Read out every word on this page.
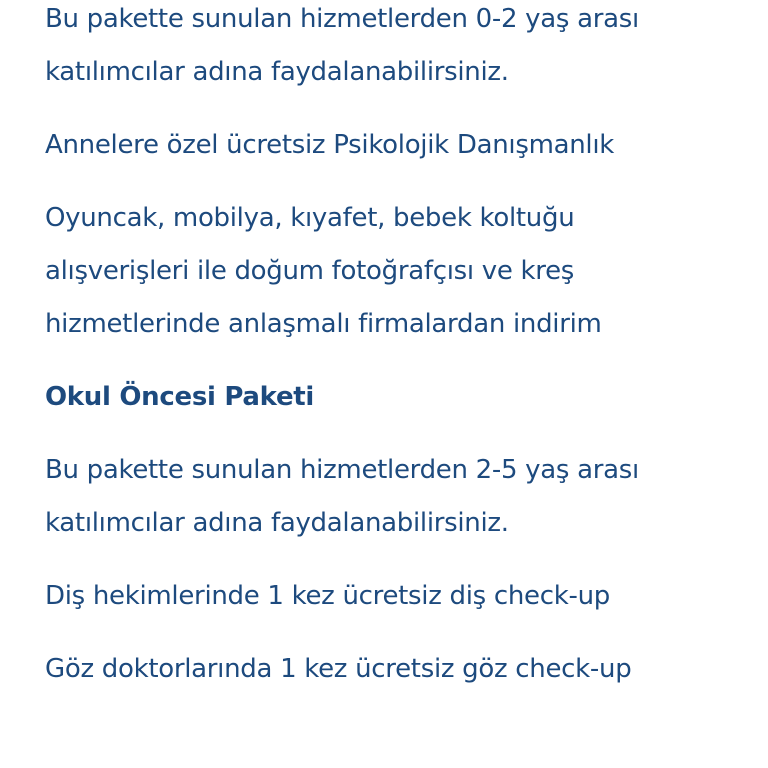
Bu pakette sunulan hizmetlerden 0-2 yaş arası
katılımcılar adına faydalanabilirsiniz.
Annelere özel ücretsiz Psikolojik Danışmanlık
Oyuncak, mobilya, kıyafet, bebek koltuğu
alışverişleri ile doğum fotoğrafçısı ve kreş
hizmetlerinde anlaşmalı firmalardan indirim
Okul Öncesi Paketi
Bu pakette sunulan hizmetlerden 2-5 yaş arası
katılımcılar adına faydalanabilirsiniz.
Diş hekimlerinde 1 kez ücretsiz diş check-up
Göz doktorlarında 1 kez ücretsiz göz check-up
